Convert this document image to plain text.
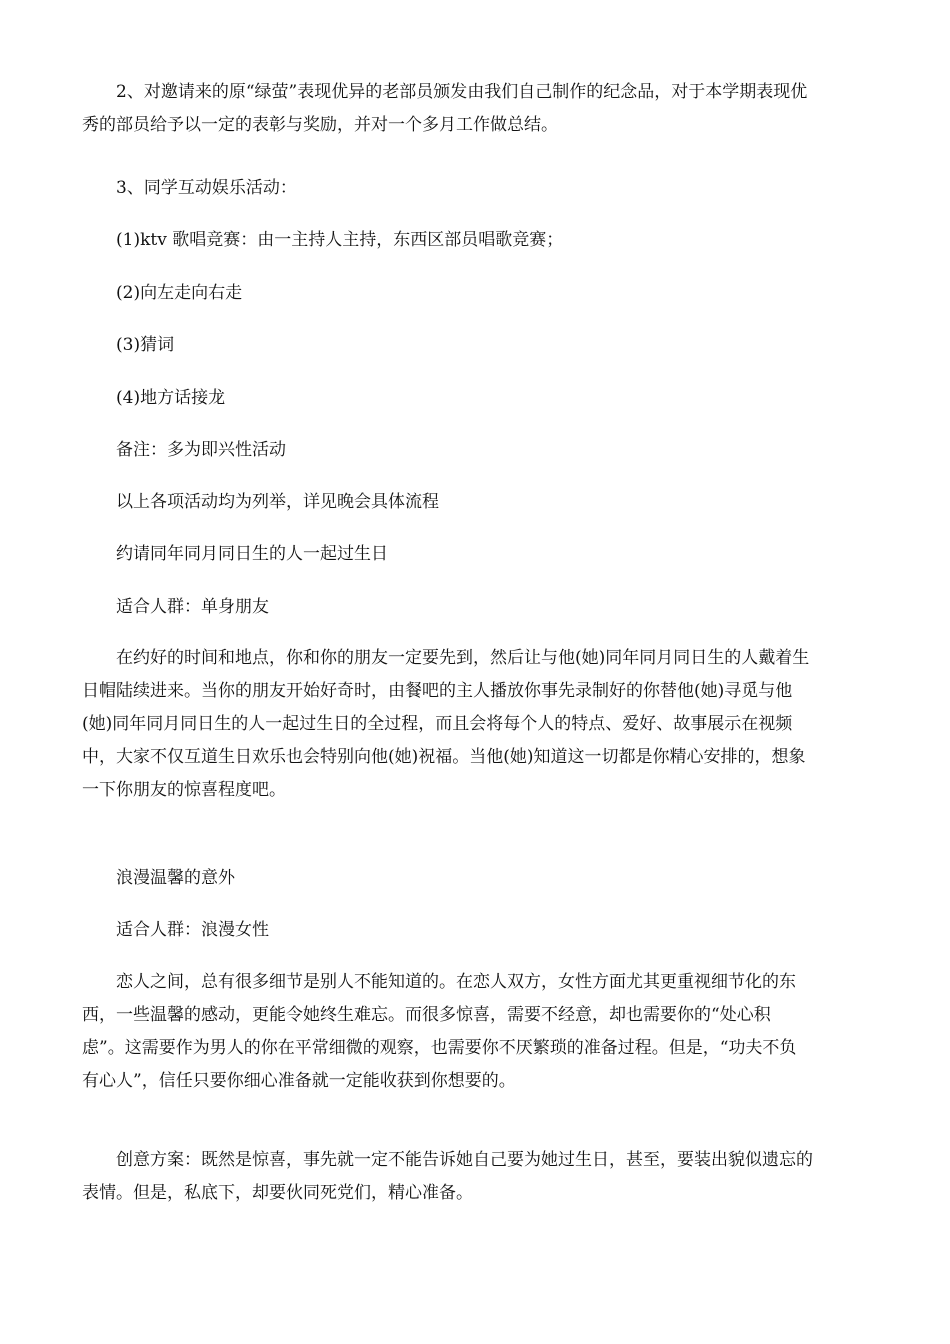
2、对邀请来的原“绿萤”表现优异的老部员颁发由我们自己制作的纪念品，对于本学期表现优
秀的部员给予以一定的表彰与奖励，并对一个多月工作做总结。

3、同学互动娱乐活动：

(1)ktv 歌唱竞赛：由一主持人主持，东西区部员唱歌竞赛；

(2)向左走向右走

(3)猜词

(4)地方话接龙

备注：多为即兴性活动

以上各项活动均为列举，详见晚会具体流程

约请同年同月同日生的人一起过生日

适合人群：单身朋友

在约好的时间和地点，你和你的朋友一定要先到，然后让与他(她)同年同月同日生的人戴着生
日帽陆续进来。当你的朋友开始好奇时，由餐吧的主人播放你事先录制好的你替他(她)寻觅与他
(她)同年同月同日生的人一起过生日的全过程，而且会将每个人的特点、爱好、故事展示在视频
中，大家不仅互道生日欢乐也会特别向他(她)祝福。当他(她)知道这一切都是你精心安排的，想象
一下你朋友的惊喜程度吧。

浪漫温馨的意外

适合人群：浪漫女性

恋人之间，总有很多细节是别人不能知道的。在恋人双方，女性方面尤其更重视细节化的东
西，一些温馨的感动，更能令她终生难忘。而很多惊喜，需要不经意，却也需要你的“处心积
虑”。这需要作为男人的你在平常细微的观察，也需要你不厌繁琐的准备过程。但是，“功夫不负
有心人”，信任只要你细心准备就一定能收获到你想要的。

创意方案：既然是惊喜，事先就一定不能告诉她自己要为她过生日，甚至，要装出貌似遗忘的
表情。但是，私底下，却要伙同死党们，精心准备。
